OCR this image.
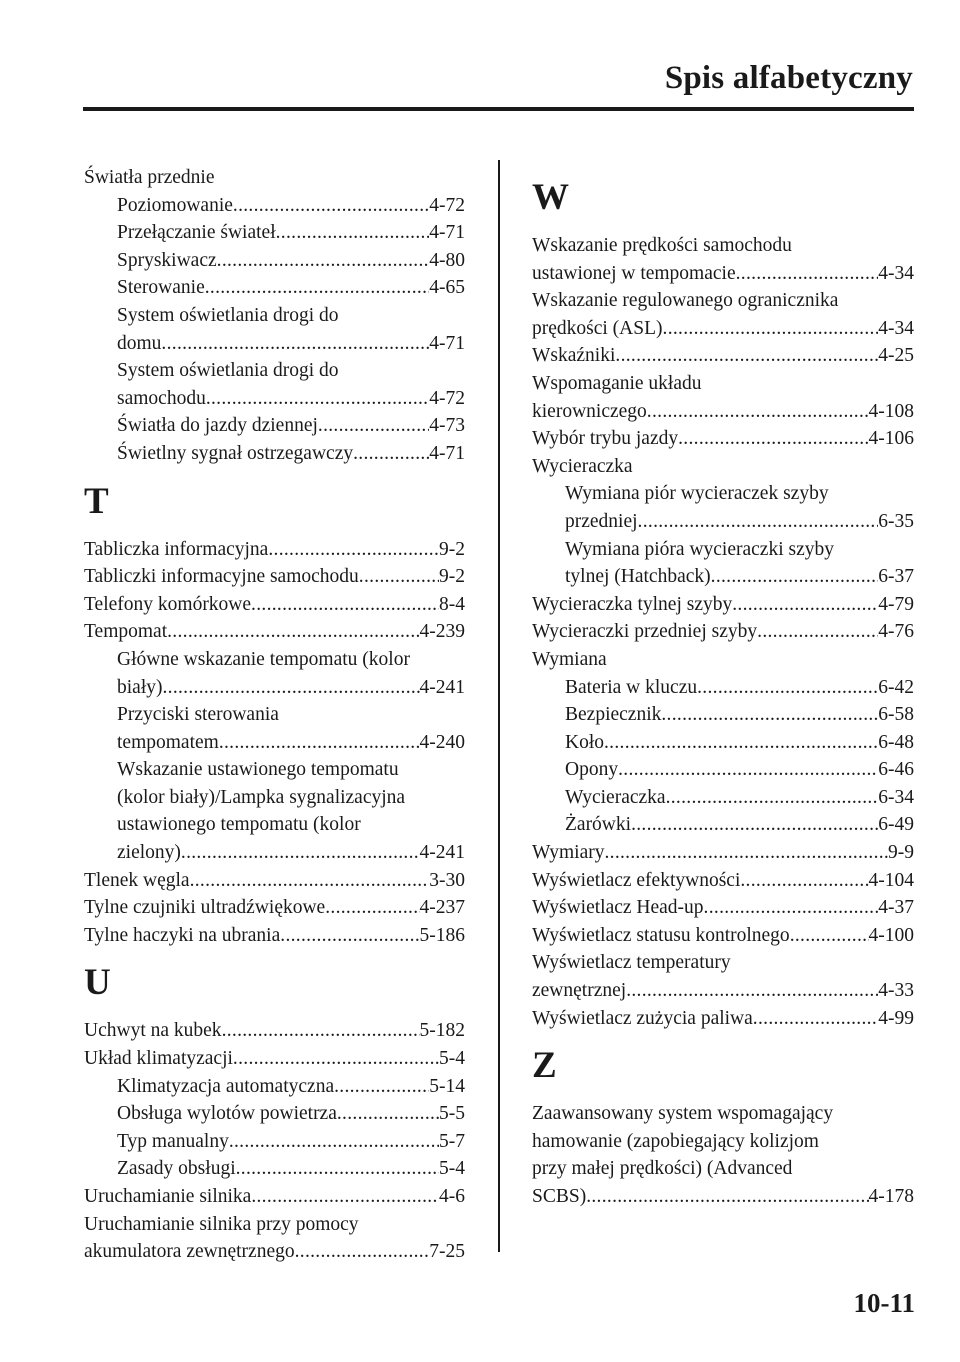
Spis alfabetyczny
Światła przednie
Poziomowanie .....	4-72
Przełączanie świateł .....	4-71
Spryskiwacz .....	4-80
Sterowanie .....	4-65
System oświetlania drogi do
domu .....	4-71
System oświetlania drogi do
samochodu .....	4-72
Światła do jazdy dziennej .....	4-73
Świetlny sygnał ostrzegawczy .....	4-71
T
Tabliczka informacyjna .....	9-2
Tabliczki informacyjne samochodu .....	9-2
Telefony komórkowe .....	8-4
Tempomat .....	4-239
Główne wskazanie tempomatu (kolor
biały) .....	4-241
Przyciski sterowania
tempomatem .....	4-240
Wskazanie ustawionego tempomatu
(kolor biały)/Lampka sygnalizacyjna
ustawionego tempomatu (kolor
zielony) .....	4-241
Tlenek węgla .....	3-30
Tylne czujniki ultradźwiękowe .....	4-237
Tylne haczyki na ubrania .....	5-186
U
Uchwyt na kubek .....	5-182
Układ klimatyzacji .....	5-4
Klimatyzacja automatyczna .....	5-14
Obsługa wylotów powietrza .....	5-5
Typ manualny .....	5-7
Zasady obsługi .....	5-4
Uruchamianie silnika .....	4-6
Uruchamianie silnika przy pomocy
akumulatora zewnętrznego .....	7-25
W
Wskazanie prędkości samochodu
ustawionej w tempomacie .....	4-34
Wskazanie regulowanego ogranicznika
prędkości (ASL) .....	4-34
Wskaźniki .....	4-25
Wspomaganie układu
kierowniczego .....	4-108
Wybór trybu jazdy .....	4-106
Wycieraczka
Wymiana piór wycieraczek szyby
przedniej .....	6-35
Wymiana pióra wycieraczki szyby
tylnej (Hatchback) .....	6-37
Wycieraczka tylnej szyby .....	4-79
Wycieraczki przedniej szyby .....	4-76
Wymiana
Bateria w kluczu .....	6-42
Bezpiecznik .....	6-58
Koło .....	6-48
Opony .....	6-46
Wycieraczka .....	6-34
Żarówki .....	6-49
Wymiary .....	9-9
Wyświetlacz efektywności .....	4-104
Wyświetlacz Head-up .....	4-37
Wyświetlacz statusu kontrolnego .....	4-100
Wyświetlacz temperatury
zewnętrznej .....	4-33
Wyświetlacz zużycia paliwa .....	4-99
Z
Zaawansowany system wspomagający
hamowanie (zapobiegający kolizjom
przy małej prędkości) (Advanced
SCBS) .....	4-178
10-11
